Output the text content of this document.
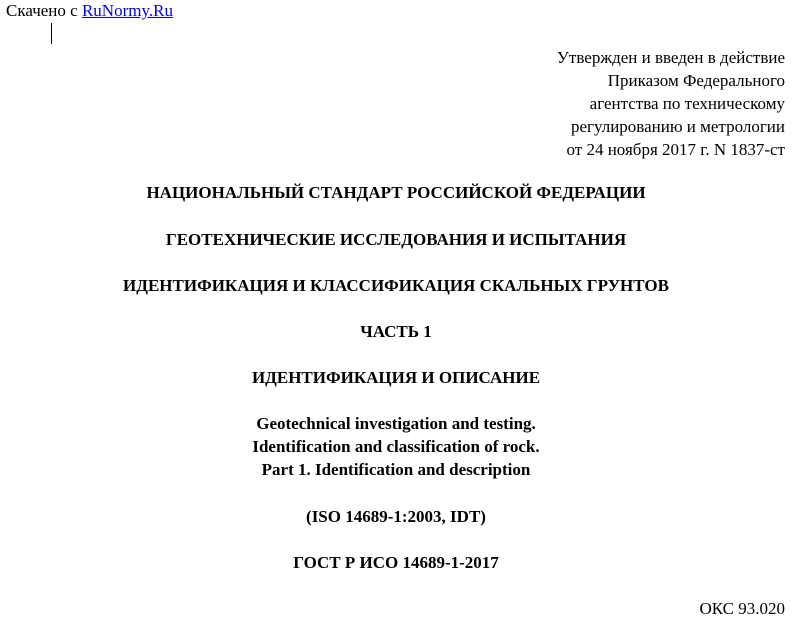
Скачено с RuNormy.Ru
Утвержден и введен в действие
Приказом Федерального
агентства по техническому
регулированию и метрологии
от 24 ноября 2017 г. N 1837-ст
НАЦИОНАЛЬНЫЙ СТАНДАРТ РОССИЙСКОЙ ФЕДЕРАЦИИ
ГЕОТЕХНИЧЕСКИЕ ИССЛЕДОВАНИЯ И ИСПЫТАНИЯ
ИДЕНТИФИКАЦИЯ И КЛАССИФИКАЦИЯ СКАЛЬНЫХ ГРУНТОВ
ЧАСТЬ 1
ИДЕНТИФИКАЦИЯ И ОПИСАНИЕ
Geotechnical investigation and testing.
Identification and classification of rock.
Part 1. Identification and description
(ISO 14689-1:2003, IDT)
ГОСТ Р ИСО 14689-1-2017
ОКС 93.020
